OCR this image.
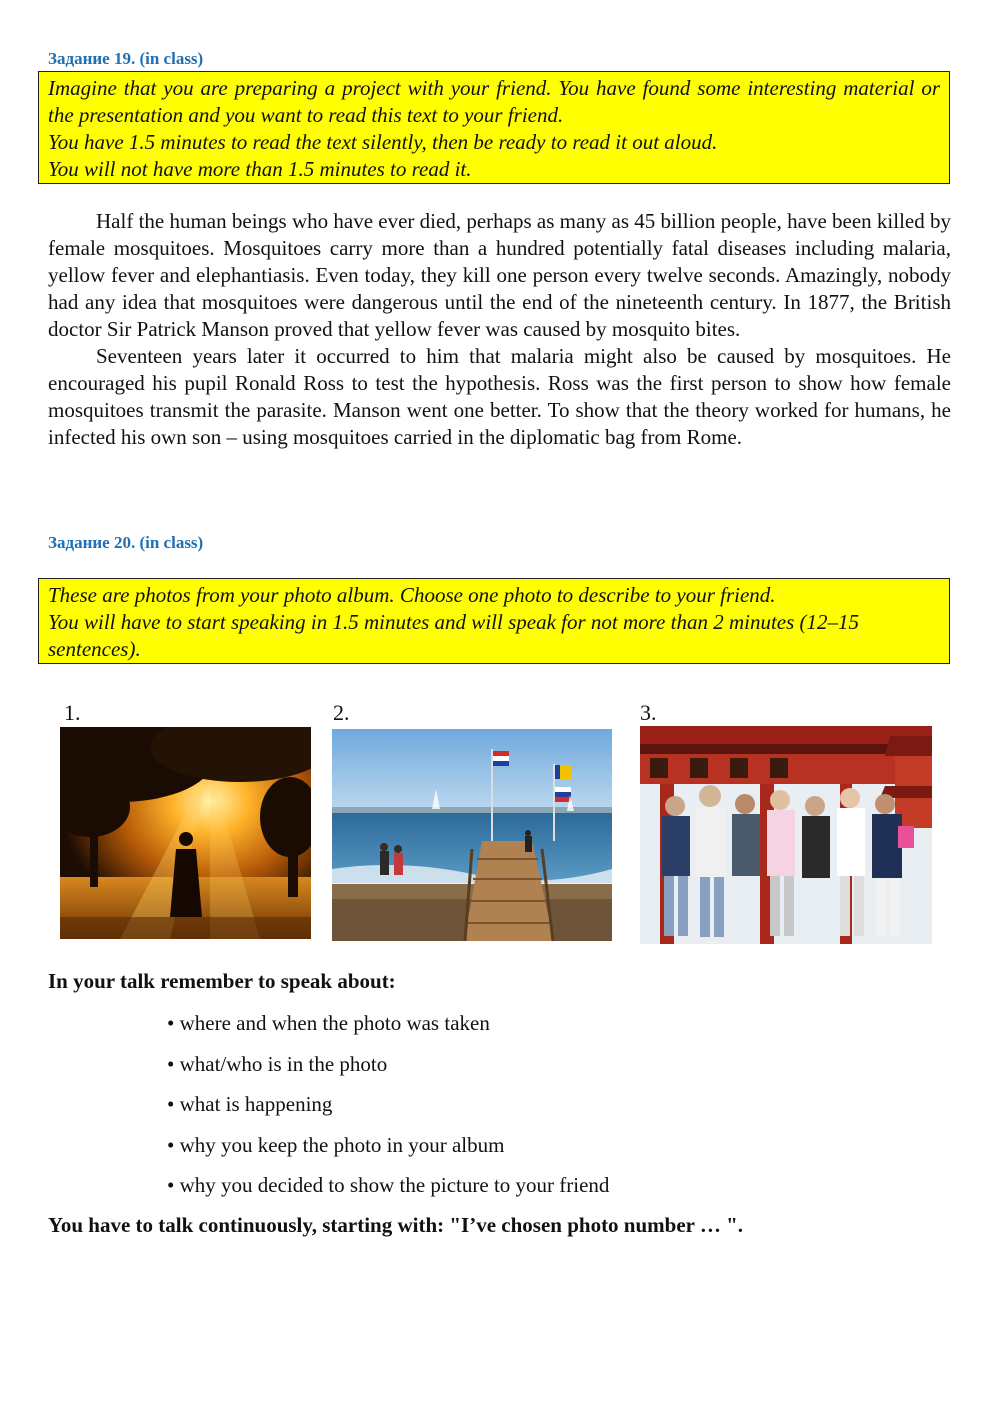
Задание 19. (in class)

Imagine that you are preparing a project with your friend. You have found some interesting material or the presentation and you want to read this text to your friend.

You have 1.5 minutes to read the text silently, then be ready to read it out aloud.

You will not have more than 1.5 minutes to read it.

Half the human beings who have ever died, perhaps as many as 45 billion people, have been killed by female mosquitoes. Mosquitoes carry more than a hundred potentially fatal diseases including malaria, yellow fever and elephantiasis. Even today, they kill one person every twelve seconds. Amazingly, nobody had any idea that mosquitoes were dangerous until the end of the nineteenth century. In 1877, the British doctor Sir Patrick Manson proved that yellow fever was caused by mosquito bites.

Seventeen years later it occurred to him that malaria might also be caused by mosquitoes. He encouraged his pupil Ronald Ross to test the hypothesis. Ross was the first person to show how female mosquitoes transmit the parasite. Manson went one better. To show that the theory worked for humans, he infected his own son – using mosquitoes carried in the diplomatic bag from Rome.

Задание 20. (in class)

These are photos from your photo album. Choose one photo to describe to your friend.

You will have to start speaking in 1.5 minutes and will speak for not more than 2 minutes (12–15 sentences).

1.	2.	3.
In your talk remember to speak about:
• where and when the photo was taken
• what/who is in the photo
• what is happening
• why you keep the photo in your album
• why you decided to show the picture to your friend
You have to talk continuously, starting with: "I’ve chosen photo number … ".
